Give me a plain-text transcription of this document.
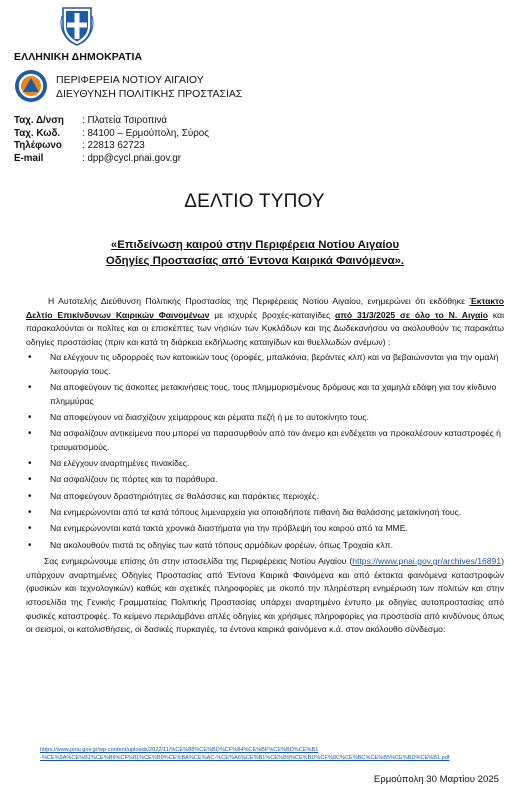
ΕΛΛΗΝΙΚΗ ΔΗΜΟΚΡΑΤΙΑ
ΠΕΡΙΦΕΡΕΙΑ ΝΟΤΙΟΥ ΑΙΓΑΙΟΥ
ΔΙΕΥΘΥΝΣΗ ΠΟΛΙΤΙΚΗΣ ΠΡΟΣΤΑΣΙΑΣ
Ταχ. Δ/νση	: Πλατεία Τσιροπινά
Ταχ. Κωδ.	: 84100 – Ερμούπολη, Σύρος
Τηλέφωνο	: 22813 62723
E-mail	: dpp@cycl.pnai.gov.gr
ΔΕΛΤΙΟ ΤΥΠΟΥ
«Επιδείνωση καιρού στην Περιφέρεια Νοτίου Αιγαίου
Οδηγίες Προστασίας από Έντονα Καιρικά Φαινόμενα».

Η Αυτοτελής Διεύθυνση Πολιτικής Προστασίας της Περιφέρειας Νοτίου Αιγαίου, ενημερώνει ότι εκδόθηκε Έκτακτο Δελτίο Επικίνδυνων Καιρικών Φαινομένων με ισχυρές βροχές-καταιγίδες από 31/3/2025 σε όλο το Ν. Αιγαίο και παρακαλούνται οι πολίτες και οι επισκέπτες των νησιών των Κυκλάδων και της Δωδεκανήσου να ακολουθούν τις παρακάτω οδηγίες προστασίας (πριν και κατά τη διάρκεια εκδήλωσης καταιγίδων και θυελλωδών ανέμων) :

• Να ελέγχουν τις υδρορροές των κατοικιών τους (οροφές, μπαλκόνια, βεράντες κλπ) και να βεβαιώνονται για την ομαλή λειτουργία τους.
• Να αποφεύγουν τις άσκοπες μετακινήσεις τους, τους πλημμυρισμένους δρόμους και τα χαμηλά εδάφη για τον κίνδυνο πλημμύρας
• Να αποφεύγουν να διασχίζουν χείμαρρους και ρέματα πεζή ή με το αυτοκίνητο τους.
• Να ασφαλίζουν αντικείμενα που μπορεί να παρασυρθούν από τον άνεμο και ενδέχεται να προκαλέσουν καταστροφές ή τραυματισμούς.
• Να ελέγχουν αναρτημένες πινακίδες.
• Να ασφαλίζουν τις πόρτες και τα παράθυρα.
• Να αποφεύγουν δραστηριότητες σε θαλάσσιες και παράκτιες περιοχές.
• Να ενημερώνονται από τα κατά τόπους λιμεναρχεία για οποιαδήποτε πιθανή δια θαλάσσης μετακίνησή τους.
• Να ενημερώνονται κατά τακτά χρονικά διαστήματα για την πρόβλεψη του καιρού από τα ΜΜΕ.
• Να ακολουθούν πιστά τις οδηγίες των κατά τόπους αρμόδιων φορέων, όπως Τροχαία κλπ.

Σας ενημερώνουμε επίσης ότι στην ιστοσελίδα της Περιφέρειας Νοτίου Αιγαίου (https://www.pnai.gov.gr/archives/16891) υπάρχουν αναρτημένες Οδηγίες Προστασίας από Έντονα Καιρικά Φαινόμενα και από έκτακτα φαινόμενα καταστροφών (φυσικών και τεχνολογικών) καθώς και σχετικές πληροφορίες με σκοπό την πληρέστερη ενημέρωση των πολιτών και στην ιστοσελίδα της Γενικής Γραμματείας Πολιτικής Προστασίας υπάρχει αναρτημένο έντυπο με οδηγίες αυτοπροστασίας από φυσικές καταστροφές. Το κείμενο περιλαμβάνει απλές οδηγίες και χρήσιμες πληροφορίες για προστασία από κινδύνους όπως οι σεισμοί, οι κατολισθήσεις, οι δασικές πυρκαγιές, τα έντονα καιρικά φαινόμενα κ.ά. στον ακόλουθο σύνδεσμο:

https://www.pnai.gov.gr/wp-content/uploads/2022/11/%CE%88%CE%BD%CF%84%CE%BF%CE%BD%CE%B1
-%CE%9A%CE%B1%CE%B9%CF%81%CE%B9%CE%BA%CE%AC-%CE%A6%CE%B1%CE%B9%CE%BD%CF%8C%CE%BC%CE%B5%CE%BD%CE%B1.pdf
Ερμούπολη 30 Μαρτίου 2025
